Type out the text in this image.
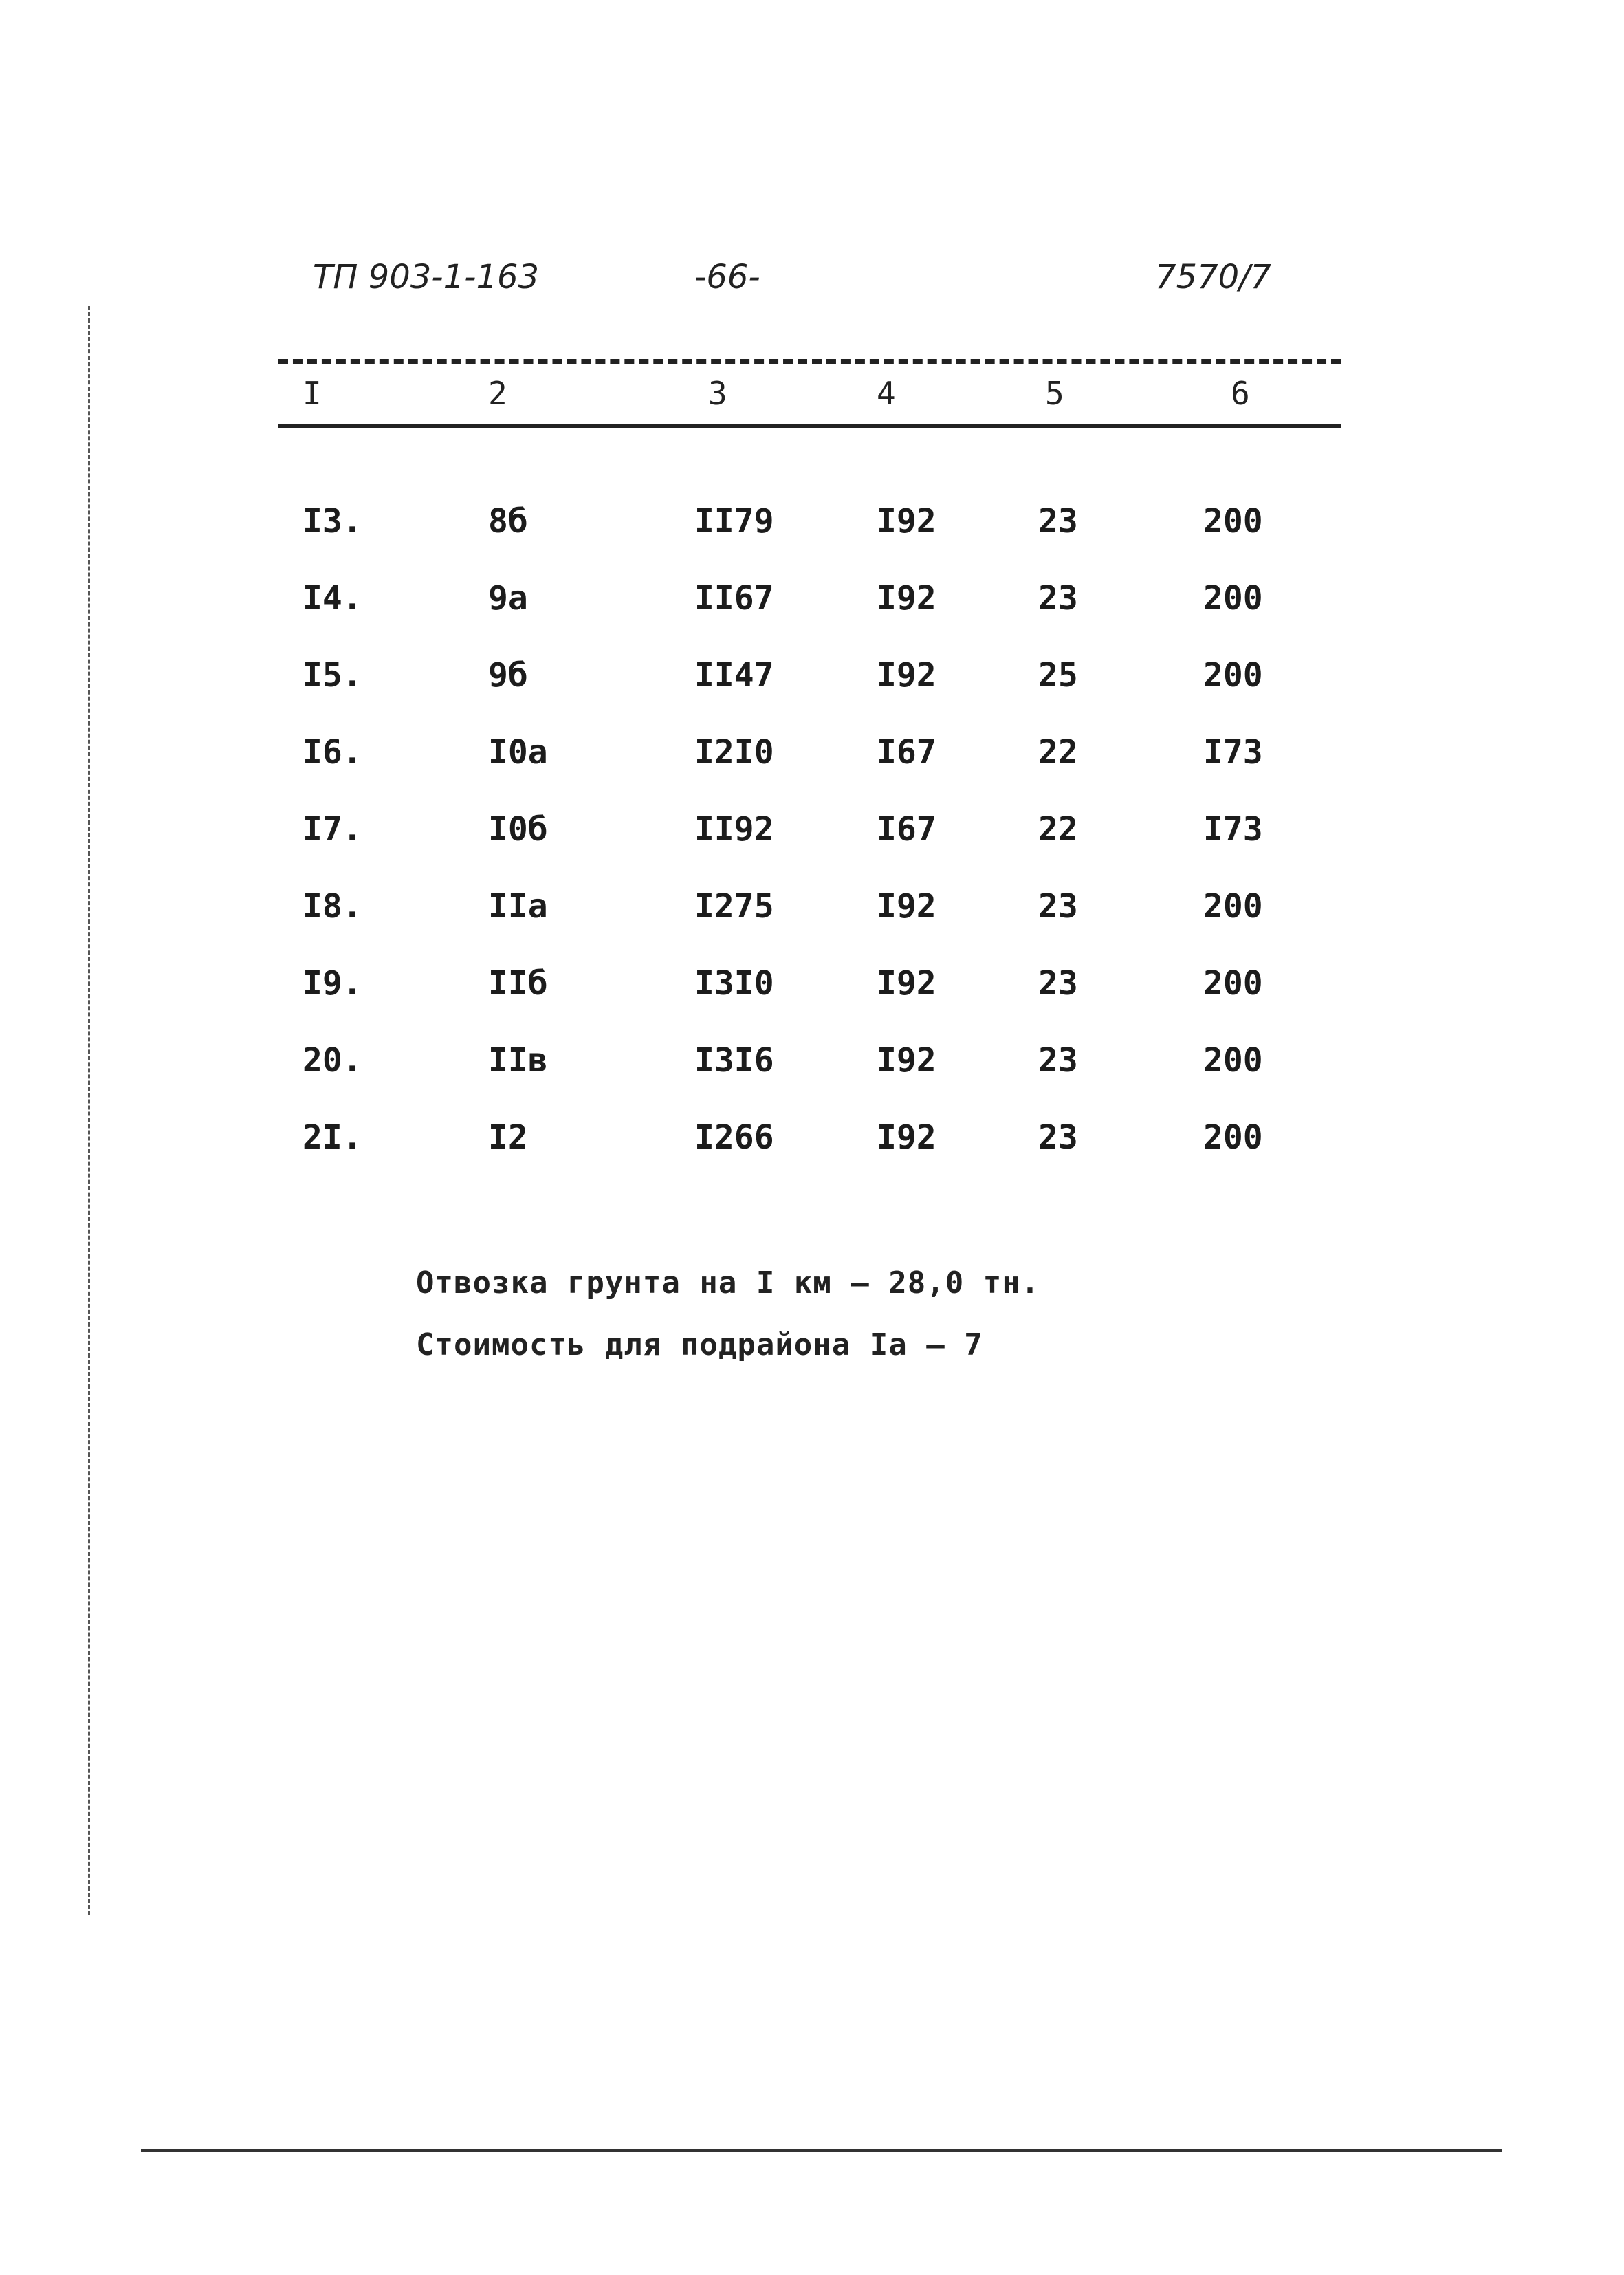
ТП 903-1-163	-66-	7570/7
I	2	3	4	5	6
I3.	8б	II79	I92	23	200
I4.	9а	II67	I92	23	200
I5.	9б	II47	I92	25	200
I6.	I0а	I2I0	I67	22	I73
I7.	I0б	II92	I67	22	I73
I8.	IIа	I275	I92	23	200
I9.	IIб	I3I0	I92	23	200
20.	IIв	I3I6	I92	23	200
2I.	I2	I266	I92	23	200
Отвозка грунта на I км – 28,0 тн.
Стоимость для подрайона Iа – 7
